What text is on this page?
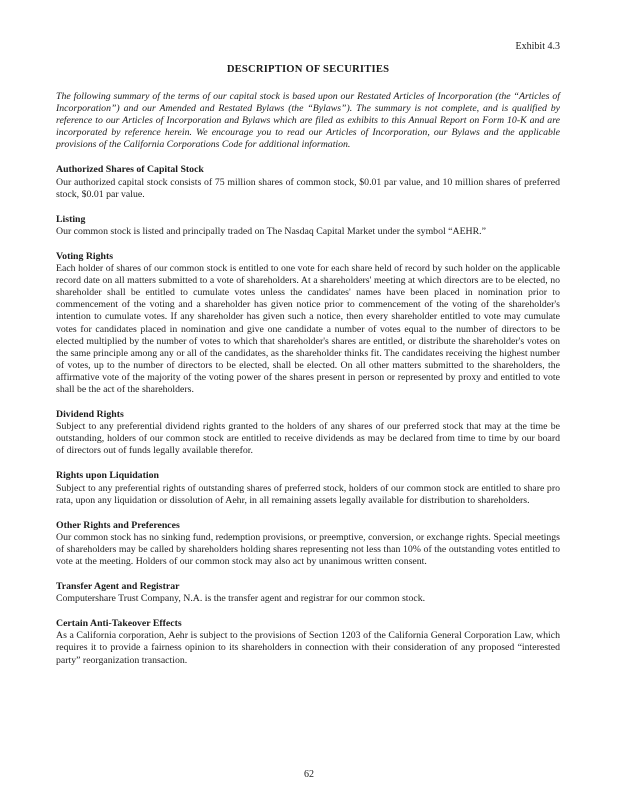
Exhibit 4.3
DESCRIPTION OF SECURITIES

The following summary of the terms of our capital stock is based upon our Restated Articles of Incorporation (the “Articles of Incorporation”) and our Amended and Restated Bylaws (the “Bylaws”). The summary is not complete, and is qualified by reference to our Articles of Incorporation and Bylaws which are filed as exhibits to this Annual Report on Form 10-K and are incorporated by reference herein. We encourage you to read our Articles of Incorporation, our Bylaws and the applicable provisions of the California Corporations Code for additional information.

Authorized Shares of Capital Stock

Our authorized capital stock consists of 75 million shares of common stock, $0.01 par value, and 10 million shares of preferred stock, $0.01 par value.

Listing

Our common stock is listed and principally traded on The Nasdaq Capital Market under the symbol “AEHR.”

Voting Rights

Each holder of shares of our common stock is entitled to one vote for each share held of record by such holder on the applicable record date on all matters submitted to a vote of shareholders. At a shareholders' meeting at which directors are to be elected, no shareholder shall be entitled to cumulate votes unless the candidates' names have been placed in nomination prior to commencement of the voting and a shareholder has given notice prior to commencement of the voting of the shareholder's intention to cumulate votes. If any shareholder has given such a notice, then every shareholder entitled to vote may cumulate votes for candidates placed in nomination and give one candidate a number of votes equal to the number of directors to be elected multiplied by the number of votes to which that shareholder's shares are entitled, or distribute the shareholder's votes on the same principle among any or all of the candidates, as the shareholder thinks fit. The candidates receiving the highest number of votes, up to the number of directors to be elected, shall be elected. On all other matters submitted to the shareholders, the affirmative vote of the majority of the voting power of the shares present in person or represented by proxy and entitled to vote shall be the act of the shareholders.

Dividend Rights

Subject to any preferential dividend rights granted to the holders of any shares of our preferred stock that may at the time be outstanding, holders of our common stock are entitled to receive dividends as may be declared from time to time by our board of directors out of funds legally available therefor.

Rights upon Liquidation

Subject to any preferential rights of outstanding shares of preferred stock, holders of our common stock are entitled to share pro rata, upon any liquidation or dissolution of Aehr, in all remaining assets legally available for distribution to shareholders.

Other Rights and Preferences

Our common stock has no sinking fund, redemption provisions, or preemptive, conversion, or exchange rights. Special meetings of shareholders may be called by shareholders holding shares representing not less than 10% of the outstanding votes entitled to vote at the meeting. Holders of our common stock may also act by unanimous written consent.

Transfer Agent and Registrar

Computershare Trust Company, N.A. is the transfer agent and registrar for our common stock.

Certain Anti-Takeover Effects

As a California corporation, Aehr is subject to the provisions of Section 1203 of the California General Corporation Law, which requires it to provide a fairness opinion to its shareholders in connection with their consideration of any proposed “interested party” reorganization transaction.

62
